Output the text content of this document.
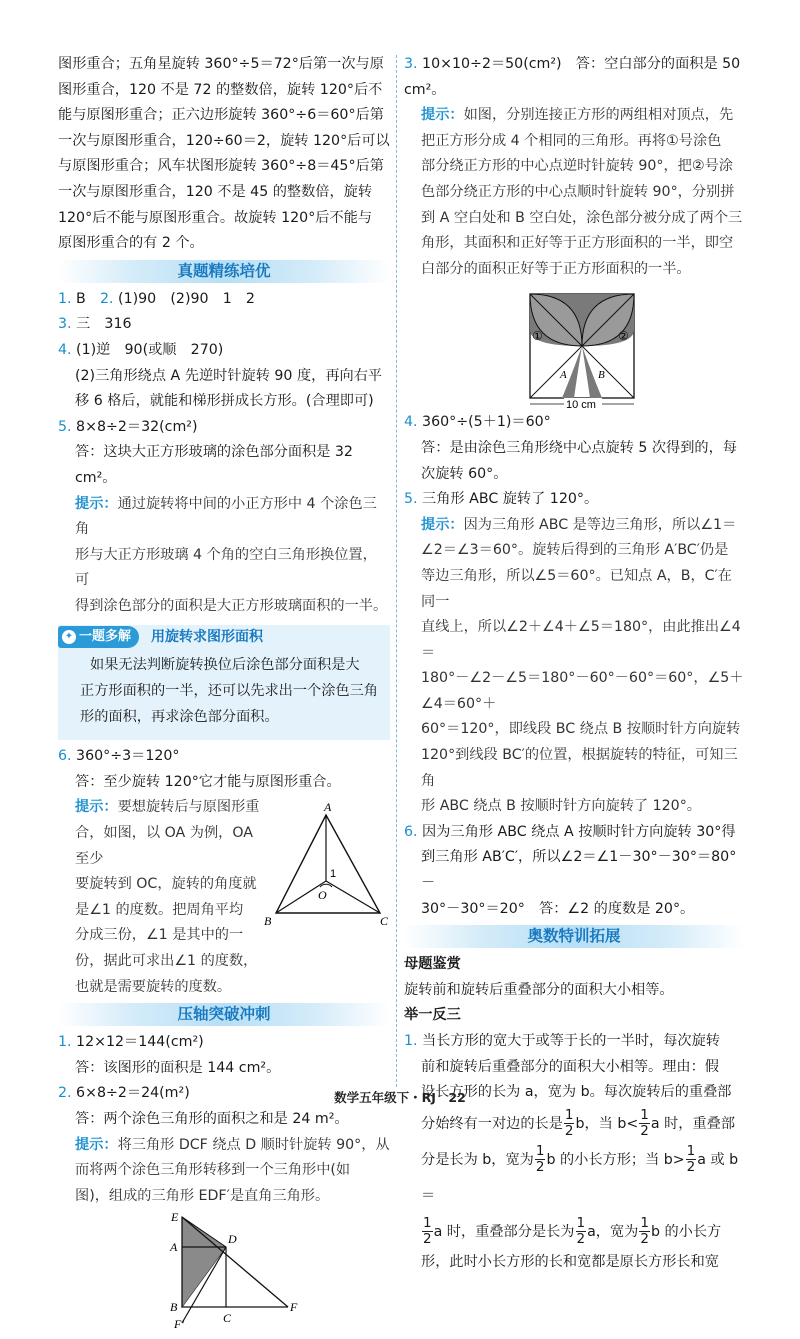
图形重合；五角星旋转 360°÷5＝72°后第一次与原

图形重合，120 不是 72 的整数倍，旋转 120°后不

能与原图形重合；正六边形旋转 360°÷6＝60°后第

一次与原图形重合，120÷60＝2，旋转 120°后可以

与原图形重合；风车状图形旋转 360°÷8＝45°后第

一次与原图形重合，120 不是 45 的整数倍，旋转

120°后不能与原图形重合。故旋转 120°后不能与

原图形重合的有 2 个。

真题精练培优

1. B　2. (1)90　(2)90　1　2

3. 三　316

4. (1)逆　90(或顺　270)

(2)三角形绕点 A 先逆时针旋转 90 度，再向右平

移 6 格后，就能和梯形拼成长方形。(合理即可)

5. 8×8÷2＝32(cm²)

答：这块大正方形玻璃的涂色部分面积是 32 cm²。

提示：通过旋转将中间的小正方形中 4 个涂色三角

形与大正方形玻璃 4 个角的空白三角形换位置，可

得到涂色部分的面积是大正方形玻璃面积的一半。

✦ 一题多解 用旋转求图形面积

如果无法判断旋转换位后涂色部分面积是大

正方形面积的一半，还可以先求出一个涂色三角

形的面积，再求涂色部分面积。

6. 360°÷3＝120°

答：至少旋转 120°它才能与原图形重合。

提示：要想旋转后与原图形重

合，如图，以 OA 为例，OA 至少

要旋转到 OC，旋转的角度就

是∠1 的度数。把周角平均

分成三份，∠1 是其中的一

份，据此可求出∠1 的度数，

也就是需要旋转的度数。

A
B	C
O
1
压轴突破冲刺

1. 12×12＝144(cm²)

答：该图形的面积是 144 cm²。

2. 6×8÷2＝24(m²)

答：两个涂色三角形的面积之和是 24 m²。

提示：将三角形 DCF 绕点 D 顺时针旋转 90°，从

而将两个涂色三角形转移到一个三角形中(如

图)，组成的三角形 EDF′是直角三角形。

E
A
D
B
C
F
F′

3. 10×10÷2＝50(cm²)　答：空白部分的面积是 50 cm²。

提示：如图，分别连接正方形的两组相对顶点，先

把正方形分成 4 个相同的三角形。再将①号涂色

部分绕正方形的中心点逆时针旋转 90°，把②号涂

色部分绕正方形的中心点顺时针旋转 90°，分别拼

到 A 空白处和 B 空白处，涂色部分被分成了两个三

角形，其面积和正好等于正方形面积的一半，即空

白部分的面积正好等于正方形面积的一半。

①	②
A	B
10 cm

4. 360°÷(5＋1)＝60°

答：是由涂色三角形绕中心点旋转 5 次得到的，每

次旋转 60°。

5. 三角形 ABC 旋转了 120°。

提示：因为三角形 ABC 是等边三角形，所以∠1＝

∠2＝∠3＝60°。旋转后得到的三角形 A′BC′仍是

等边三角形，所以∠5＝60°。已知点 A，B，C′在同一

直线上，所以∠2＋∠4＋∠5＝180°，由此推出∠4＝

180°－∠2－∠5＝180°－60°－60°＝60°，∠5＋∠4＝60°＋

60°＝120°，即线段 BC 绕点 B 按顺时针方向旋转

120°到线段 BC′的位置，根据旋转的特征，可知三角

形 ABC 绕点 B 按顺时针方向旋转了 120°。

6. 因为三角形 ABC 绕点 A 按顺时针方向旋转 30°得

到三角形 AB′C′，所以∠2＝∠1－30°－30°＝80°－

30°－30°＝20°　答：∠2 的度数是 20°。

奥数特训拓展

母题鉴赏

旋转前和旋转后重叠部分的面积大小相等。

举一反三

1. 当长方形的宽大于或等于长的一半时，每次旋转

前和旋转后重叠部分的面积大小相等。理由：假

设长方形的长为 a，宽为 b。每次旋转后的重叠部

分始终有一对边的长是 $\frac{1}{2}$ b，当 $b< \frac{1}{2}$ a 时，重叠部

分是长为 b，宽为 $\frac{1}{2}$ b 的小长方形；当 $b> \frac{1}{2}$ a 或 b＝

$\frac{1}{2}$ a 时，重叠部分是长为 $\frac{1}{2}$ a，宽为 $\frac{1}{2}$ b 的小长方

形，此时小长方形的长和宽都是原长方形长和宽

数学五年级下・RJ　22
